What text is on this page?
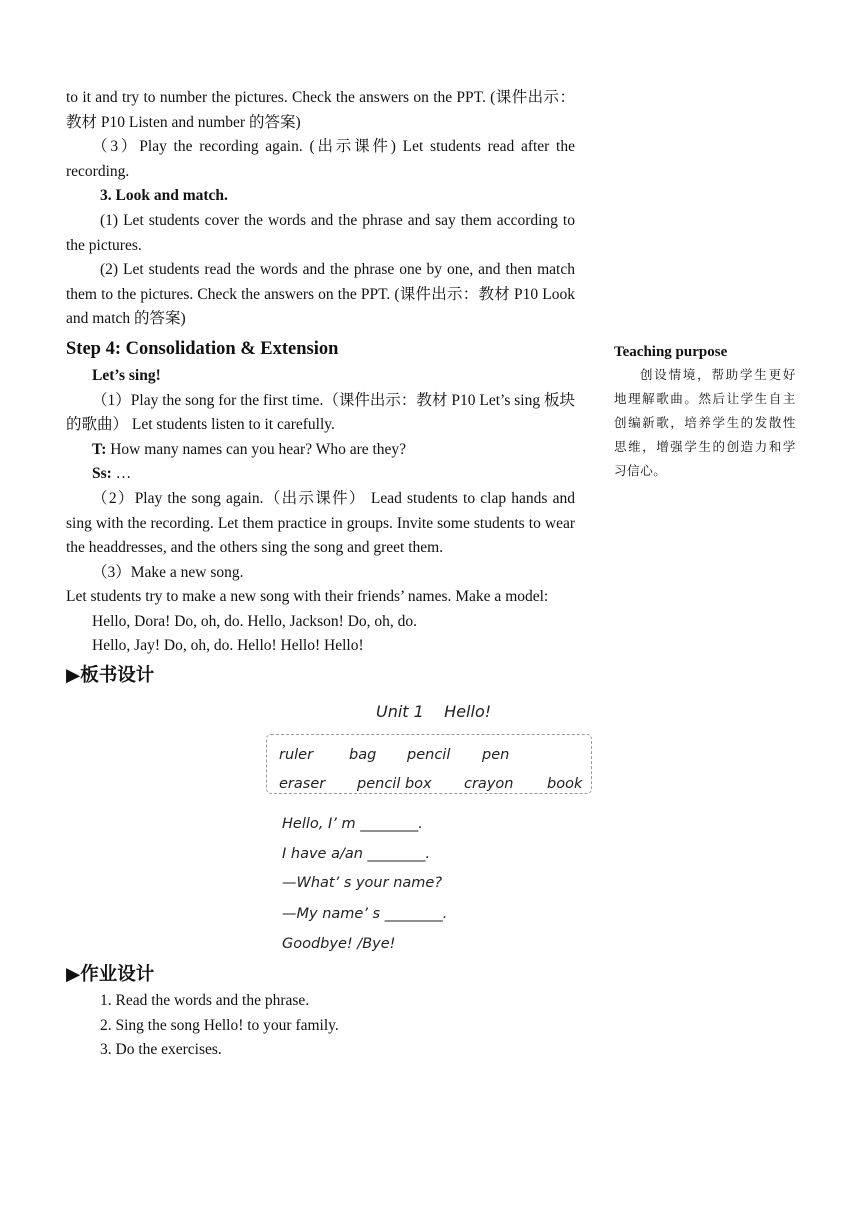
to it and try to number the pictures. Check the answers on the PPT. (课件出示：教材 P10 Listen and number 的答案)

（3）Play the recording again. (出示课件) Let students read after the recording.

3. Look and match.

(1) Let students cover the words and the phrase and say them according to the pictures.

(2) Let students read the words and the phrase one by one, and then match them to the pictures. Check the answers on the PPT. (课件出示：教材 P10 Look and match 的答案)

Step 4: Consolidation & Extension

Let’s sing!

（1）Play the song for the first time.（课件出示：教材 P10 Let’s sing 板块的歌曲） Let students listen to it carefully.

T: How many names can you hear? Who are they?

Ss: …

（2）Play the song again.（出示课件） Lead students to clap hands and sing with the recording. Let them practice in groups. Invite some students to wear the headdresses, and the others sing the song and greet them.

（3）Make a new song.

Let students try to make a new song with their friends’ names. Make a model:

Hello, Dora! Do, oh, do. Hello, Jackson! Do, oh, do.

Hello, Jay! Do, oh, do. Hello! Hello! Hello!

▶板书设计

Unit 1    Hello!
ruler bag pencil pen
eraser pencil box crayon book
Hello, I’ m ________.
I have a/an ________.
—What’ s your name?
—My name’ s ________.
Goodbye! /Bye!

▶作业设计

1. Read the words and the phrase.

2. Sing the song Hello! to your family.

3. Do the exercises.

Teaching purpose

创设情境，帮助学生更好地理解歌曲。然后让学生自主创编新歌，培养学生的发散性思维，增强学生的创造力和学习信心。
